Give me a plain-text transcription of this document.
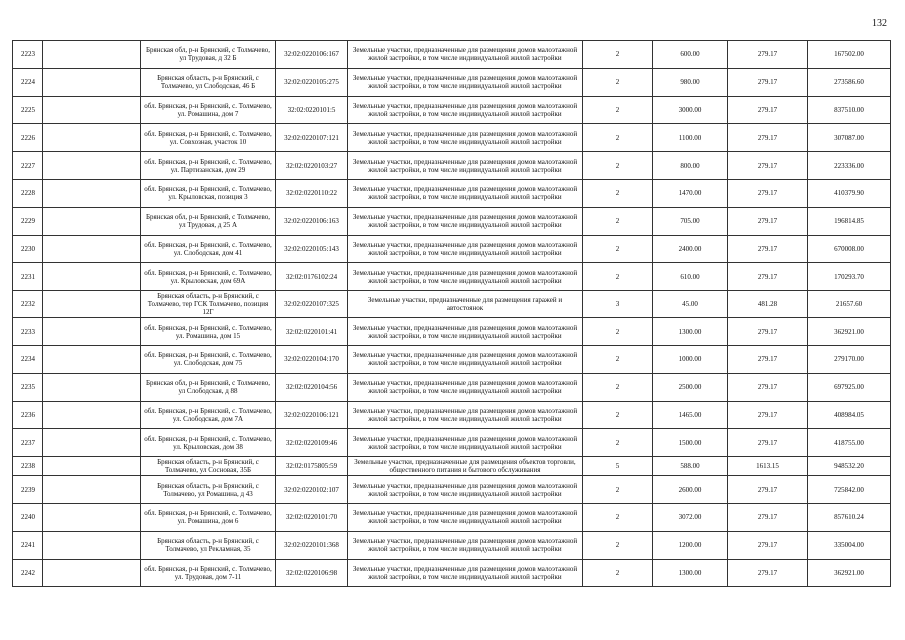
132
2223		Брянская обл, р-н Брянский, с Толмачево, ул Трудовая, д 32 Б	32:02:0220106:167	Земельные участки, предназначенные для размещения домов малоэтажной жилой застройки, в том числе индивидуальной жилой застройки	2	600.00	279.17	167502.00
2224		Брянская область, р-н Брянский, с Толмачево, ул Слободская, 46 Б	32:02:0220105:275	Земельные участки, предназначенные для размещения домов малоэтажной жилой застройки, в том числе индивидуальной жилой застройки	2	980.00	279.17	273586.60
2225		обл. Брянская, р-н Брянский, с. Толмачево, ул. Ромашина, дом 7	32:02:0220101:5	Земельные участки, предназначенные для размещения домов малоэтажной жилой застройки, в том числе индивидуальной жилой застройки	2	3000.00	279.17	837510.00
2226		обл. Брянская, р-н Брянский, с. Толмачево, ул. Совхозная, участок 10	32:02:0220107:121	Земельные участки, предназначенные для размещения домов малоэтажной жилой застройки, в том числе индивидуальной жилой застройки	2	1100.00	279.17	307087.00
2227		обл. Брянская, р-н Брянский, с. Толмачево, ул. Партизанская, дом 29	32:02:0220103:27	Земельные участки, предназначенные для размещения домов малоэтажной жилой застройки, в том числе индивидуальной жилой застройки	2	800.00	279.17	223336.00
2228		обл. Брянская, р-н Брянский, с. Толмачево, ул. Крыловская, позиция 3	32:02:0220110:22	Земельные участки, предназначенные для размещения домов малоэтажной жилой застройки, в том числе индивидуальной жилой застройки	2	1470.00	279.17	410379.90
2229		Брянская обл, р-н Брянский, с Толмачево, ул Трудовая, д 25 А	32:02:0220106:163	Земельные участки, предназначенные для размещения домов малоэтажной жилой застройки, в том числе индивидуальной жилой застройки	2	705.00	279.17	196814.85
2230		обл. Брянская, р-н Брянский, с. Толмачево, ул. Слободская, дом 41	32:02:0220105:143	Земельные участки, предназначенные для размещения домов малоэтажной жилой застройки, в том числе индивидуальной жилой застройки	2	2400.00	279.17	670008.00
2231		обл. Брянская, р-н Брянский, с. Толмачево, ул. Крыловская, дом 69А	32:02:0176102:24	Земельные участки, предназначенные для размещения домов малоэтажной жилой застройки, в том числе индивидуальной жилой застройки	2	610.00	279.17	170293.70
2232		Брянская область, р-н Брянский, с Толмачево, тер ГСК Толмачево, позиция 12Г	32:02:0220107:325	Земельные участки, предназначенные для размещения гаражей и автостоянок	3	45.00	481.28	21657.60
2233		обл. Брянская, р-н Брянский, с. Толмачево, ул. Ромашина, дом 15	32:02:0220101:41	Земельные участки, предназначенные для размещения домов малоэтажной жилой застройки, в том числе индивидуальной жилой застройки	2	1300.00	279.17	362921.00
2234		обл. Брянская, р-н Брянский, с. Толмачево, ул. Слободская, дом 75	32:02:0220104:170	Земельные участки, предназначенные для размещения домов малоэтажной жилой застройки, в том числе индивидуальной жилой застройки	2	1000.00	279.17	279170.00
2235		Брянская обл, р-н Брянский, с Толмачево, ул Слободская, д 88	32:02:0220104:56	Земельные участки, предназначенные для размещения домов малоэтажной жилой застройки, в том числе индивидуальной жилой застройки	2	2500.00	279.17	697925.00
2236		обл. Брянская, р-н Брянский, с. Толмачево, ул. Слободская, дом 7А	32:02:0220106:121	Земельные участки, предназначенные для размещения домов малоэтажной жилой застройки, в том числе индивидуальной жилой застройки	2	1465.00	279.17	408984.05
2237		обл. Брянская, р-н Брянский, с. Толмачево, ул. Крыловская, дом 38	32:02:0220109:46	Земельные участки, предназначенные для размещения домов малоэтажной жилой застройки, в том числе индивидуальной жилой застройки	2	1500.00	279.17	418755.00
2238		Брянская область, р-н Брянский, с Толмачево, ул Сосновая, 35Б	32:02:0175805:59	Земельные участки, предназначенные для размещения объектов торговли, общественного питания и бытового обслуживания	5	588.00	1613.15	948532.20
2239		Брянская область, р-н Брянский, с Толмачево, ул Ромашина, д 43	32:02:0220102:107	Земельные участки, предназначенные для размещения домов малоэтажной жилой застройки, в том числе индивидуальной жилой застройки	2	2600.00	279.17	725842.00
2240		обл. Брянская, р-н Брянский, с. Толмачево, ул. Ромашина, дом 6	32:02:0220101:70	Земельные участки, предназначенные для размещения домов малоэтажной жилой застройки, в том числе индивидуальной жилой застройки	2	3072.00	279.17	857610.24
2241		Брянская область, р-н Брянский, с Толмачево, ул Рекламная, 35	32:02:0220101:368	Земельные участки, предназначенные для размещения домов малоэтажной жилой застройки, в том числе индивидуальной жилой застройки	2	1200.00	279.17	335004.00
2242		обл. Брянская, р-н Брянский, с. Толмачево, ул. Трудовая, дом 7-11	32:02:0220106:98	Земельные участки, предназначенные для размещения домов малоэтажной жилой застройки, в том числе индивидуальной жилой застройки	2	1300.00	279.17	362921.00
